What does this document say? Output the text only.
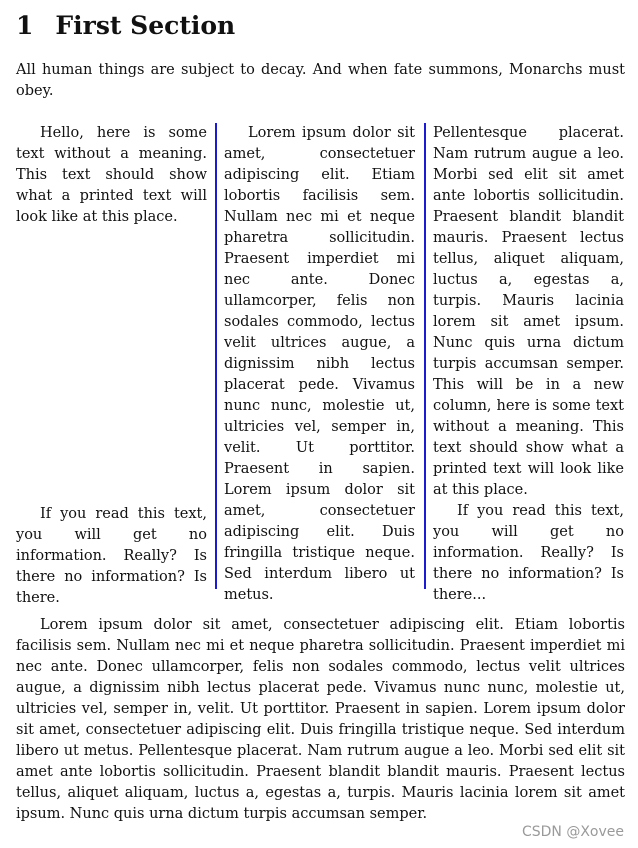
1 First Section

All human things are subject to decay. And when fate summons, Monarchs must obey.

Hello, here is some text without a meaning. This text should show what a printed text will look like at this place.

If you read this text, you will get no information. Really? Is there no information? Is there.

Lorem ipsum dolor sit amet, consectetuer adipiscing elit. Etiam lobortis facilisis sem. Nullam nec mi et neque pharetra sollicitudin. Praesent imperdiet mi nec ante. Donec ullamcorper, felis non sodales commodo, lectus velit ultrices augue, a dignissim nibh lectus placerat pede. Vivamus nunc nunc, molestie ut, ultricies vel, semper in, velit. Ut porttitor. Praesent in sapien. Lorem ipsum dolor sit amet, consectetuer adipiscing elit. Duis fringilla tristique neque. Sed interdum libero ut metus.

Pellentesque placerat. Nam rutrum augue a leo. Morbi sed elit sit amet ante lobortis sollicitudin. Praesent blandit blandit mauris. Praesent lectus tellus, aliquet aliquam, luctus a, egestas a, turpis. Mauris lacinia lorem sit amet ipsum. Nunc quis urna dictum turpis accumsan semper. This will be in a new column, here is some text without a meaning. This text should show what a printed text will look like at this place.

If you read this text, you will get no information. Really? Is there no information? Is there...

Lorem ipsum dolor sit amet, consectetuer adipiscing elit. Etiam lobortis facilisis sem. Nullam nec mi et neque pharetra sollicitudin. Praesent imperdiet mi nec ante. Donec ullamcorper, felis non sodales commodo, lectus velit ultrices augue, a dignissim nibh lectus placerat pede. Vivamus nunc nunc, molestie ut, ultricies vel, semper in, velit. Ut porttitor. Praesent in sapien. Lorem ipsum dolor sit amet, consectetuer adipiscing elit. Duis fringilla tristique neque. Sed interdum libero ut metus. Pellentesque placerat. Nam rutrum augue a leo. Morbi sed elit sit amet ante lobortis sollicitudin. Praesent blandit blandit mauris. Praesent lectus tellus, aliquet aliquam, luctus a, egestas a, turpis. Mauris lacinia lorem sit amet ipsum. Nunc quis urna dictum turpis accumsan semper.

CSDN @Xovee
